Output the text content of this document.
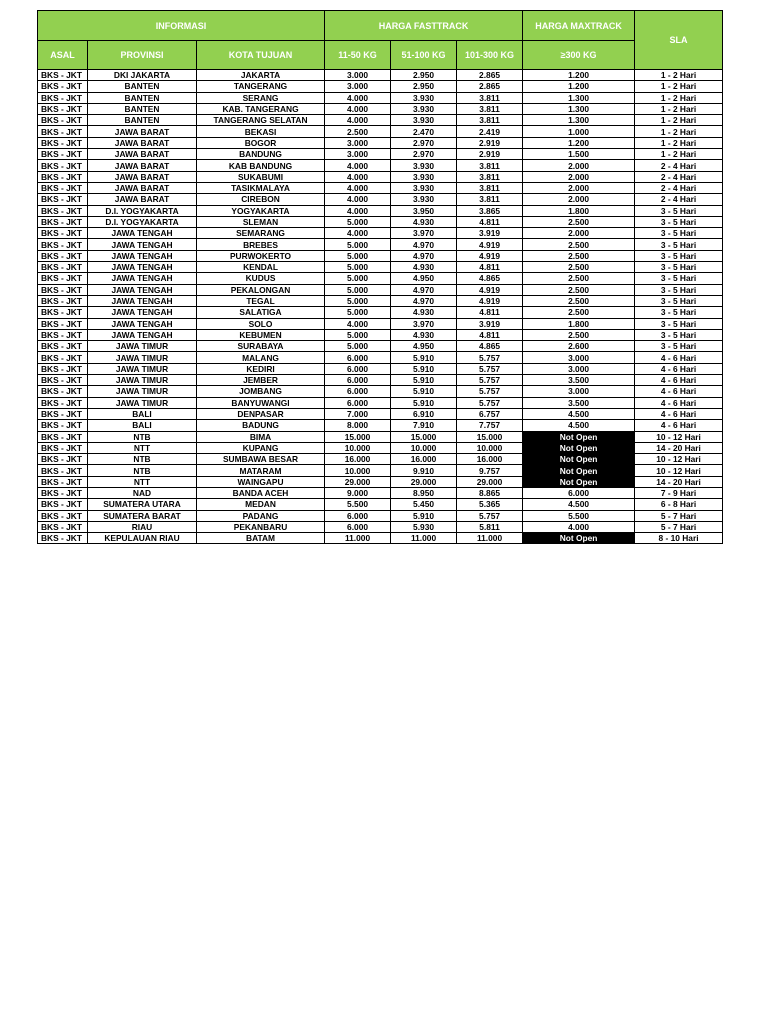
INFORMASI			HARGA FASTTRACK			HARGA MAXTRACK	SLA
ASAL	PROVINSI	KOTA TUJUAN	11-50 KG	51-100 KG	101-300 KG	≥300 KG	
BKS - JKT	DKI JAKARTA	JAKARTA	3.000	2.950	2.865	1.200	1 - 2 Hari
BKS - JKT	BANTEN	TANGERANG	3.000	2.950	2.865	1.200	1 - 2 Hari
BKS - JKT	BANTEN	SERANG	4.000	3.930	3.811	1.300	1 - 2 Hari
BKS - JKT	BANTEN	KAB. TANGERANG	4.000	3.930	3.811	1.300	1 - 2 Hari
BKS - JKT	BANTEN	TANGERANG SELATAN	4.000	3.930	3.811	1.300	1 - 2 Hari
BKS - JKT	JAWA BARAT	BEKASI	2.500	2.470	2.419	1.000	1 - 2 Hari
BKS - JKT	JAWA BARAT	BOGOR	3.000	2.970	2.919	1.200	1 - 2 Hari
BKS - JKT	JAWA BARAT	BANDUNG	3.000	2.970	2.919	1.500	1 - 2 Hari
BKS - JKT	JAWA BARAT	KAB BANDUNG	4.000	3.930	3.811	2.000	2 - 4 Hari
BKS - JKT	JAWA BARAT	SUKABUMI	4.000	3.930	3.811	2.000	2 - 4 Hari
BKS - JKT	JAWA BARAT	TASIKMALAYA	4.000	3.930	3.811	2.000	2 - 4 Hari
BKS - JKT	JAWA BARAT	CIREBON	4.000	3.930	3.811	2.000	2 - 4 Hari
BKS - JKT	D.I. YOGYAKARTA	YOGYAKARTA	4.000	3.950	3.865	1.800	3 - 5 Hari
BKS - JKT	D.I. YOGYAKARTA	SLEMAN	5.000	4.930	4.811	2.500	3 - 5 Hari
BKS - JKT	JAWA TENGAH	SEMARANG	4.000	3.970	3.919	2.000	3 - 5 Hari
BKS - JKT	JAWA TENGAH	BREBES	5.000	4.970	4.919	2.500	3 - 5 Hari
BKS - JKT	JAWA TENGAH	PURWOKERTO	5.000	4.970	4.919	2.500	3 - 5 Hari
BKS - JKT	JAWA TENGAH	KENDAL	5.000	4.930	4.811	2.500	3 - 5 Hari
BKS - JKT	JAWA TENGAH	KUDUS	5.000	4.950	4.865	2.500	3 - 5 Hari
BKS - JKT	JAWA TENGAH	PEKALONGAN	5.000	4.970	4.919	2.500	3 - 5 Hari
BKS - JKT	JAWA TENGAH	TEGAL	5.000	4.970	4.919	2.500	3 - 5 Hari
BKS - JKT	JAWA TENGAH	SALATIGA	5.000	4.930	4.811	2.500	3 - 5 Hari
BKS - JKT	JAWA TENGAH	SOLO	4.000	3.970	3.919	1.800	3 - 5 Hari
BKS - JKT	JAWA TENGAH	KEBUMEN	5.000	4.930	4.811	2.500	3 - 5 Hari
BKS - JKT	JAWA TIMUR	SURABAYA	5.000	4.950	4.865	2.600	3 - 5 Hari
BKS - JKT	JAWA TIMUR	MALANG	6.000	5.910	5.757	3.000	4 - 6 Hari
BKS - JKT	JAWA TIMUR	KEDIRI	6.000	5.910	5.757	3.000	4 - 6 Hari
BKS - JKT	JAWA TIMUR	JEMBER	6.000	5.910	5.757	3.500	4 - 6 Hari
BKS - JKT	JAWA TIMUR	JOMBANG	6.000	5.910	5.757	3.000	4 - 6 Hari
BKS - JKT	JAWA TIMUR	BANYUWANGI	6.000	5.910	5.757	3.500	4 - 6 Hari
BKS - JKT	BALI	DENPASAR	7.000	6.910	6.757	4.500	4 - 6 Hari
BKS - JKT	BALI	BADUNG	8.000	7.910	7.757	4.500	4 - 6 Hari
BKS - JKT	NTB	BIMA	15.000	15.000	15.000	Not Open	10 - 12 Hari
BKS - JKT	NTT	KUPANG	10.000	10.000	10.000	Not Open	14 - 20 Hari
BKS - JKT	NTB	SUMBAWA BESAR	16.000	16.000	16.000	Not Open	10 - 12 Hari
BKS - JKT	NTB	MATARAM	10.000	9.910	9.757	Not Open	10 - 12 Hari
BKS - JKT	NTT	WAINGAPU	29.000	29.000	29.000	Not Open	14 - 20 Hari
BKS - JKT	NAD	BANDA ACEH	9.000	8.950	8.865	6.000	7 - 9 Hari
BKS - JKT	SUMATERA UTARA	MEDAN	5.500	5.450	5.365	4.500	6 - 8 Hari
BKS - JKT	SUMATERA BARAT	PADANG	6.000	5.910	5.757	5.500	5 - 7 Hari
BKS - JKT	RIAU	PEKANBARU	6.000	5.930	5.811	4.000	5 - 7 Hari
BKS - JKT	KEPULAUAN RIAU	BATAM	11.000	11.000	11.000	Not Open	8 - 10 Hari
